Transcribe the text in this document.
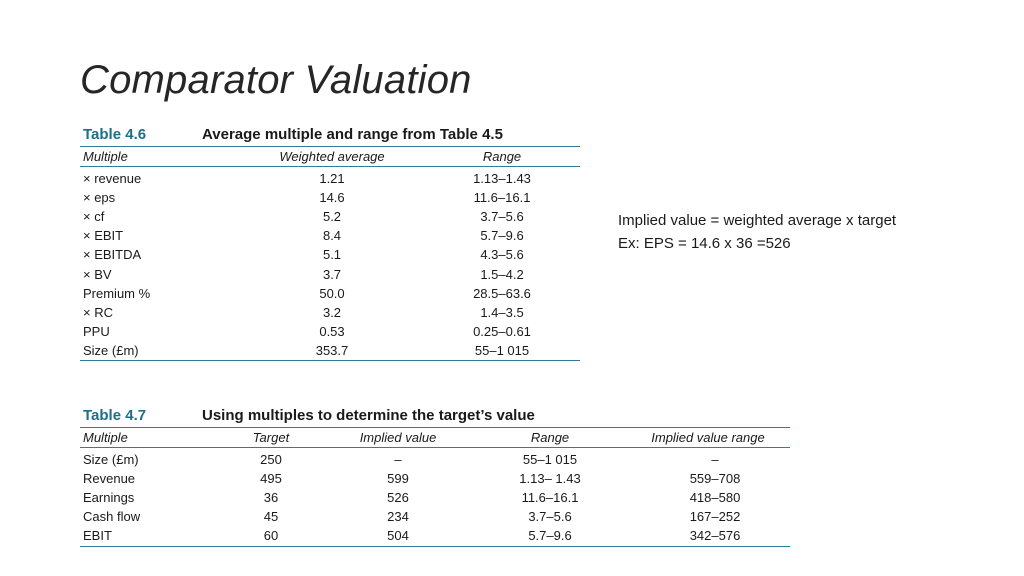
Comparator Valuation
Table 4.6	Average multiple and range from Table 4.5
Multiple	Weighted average	Range
× revenue	1.21	1.13–1.43
× eps	14.6	11.6–16.1
× cf	5.2	3.7–5.6
× EBIT	8.4	5.7–9.6
× EBITDA	5.1	4.3–5.6
× BV	3.7	1.5–4.2
Premium %	50.0	28.5–63.6
× RC	3.2	1.4–3.5
PPU	0.53	0.25–0.61
Size (£m)	353.7	55–1 015
Implied value = weighted average x target
Ex: EPS = 14.6 x 36 =526
Table 4.7	Using multiples to determine the target’s value
Multiple	Target	Implied value	Range	Implied value range
Size (£m)	250	–	55–1 015	–
Revenue	495	599	1.13– 1.43	559–708
Earnings	36	526	11.6–16.1	418–580
Cash flow	45	234	3.7–5.6	167–252
EBIT	60	504	5.7–9.6	342–576
